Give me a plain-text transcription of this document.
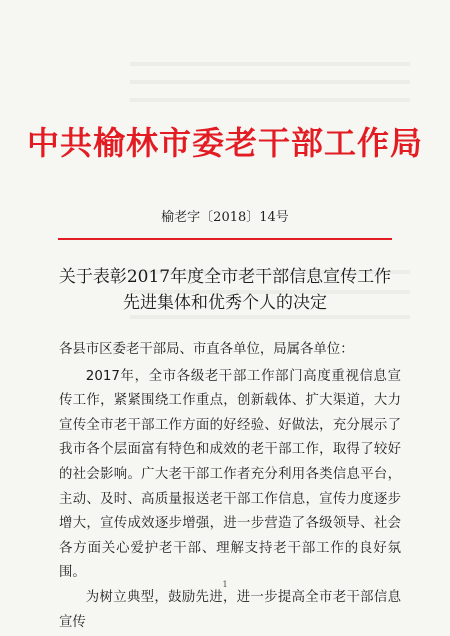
中共榆林市委老干部工作局
榆老字〔2018〕14号
关于表彰2017年度全市老干部信息宣传工作
先进集体和优秀个人的决定
各县市区委老干部局、市直各单位，局属各单位：

2017年，全市各级老干部工作部门高度重视信息宣传工作，紧紧围绕工作重点，创新载体、扩大渠道，大力宣传全市老干部工作方面的好经验、好做法，充分展示了我市各个层面富有特色和成效的老干部工作，取得了较好的社会影响。广大老干部工作者充分利用各类信息平台，主动、及时、高质量报送老干部工作信息，宣传力度逐步增大，宣传成效逐步增强，进一步营造了各级领导、社会各方面关心爱护老干部、理解支持老干部工作的良好氛围。

为树立典型，鼓励先进，进一步提高全市老干部信息宣传

1
